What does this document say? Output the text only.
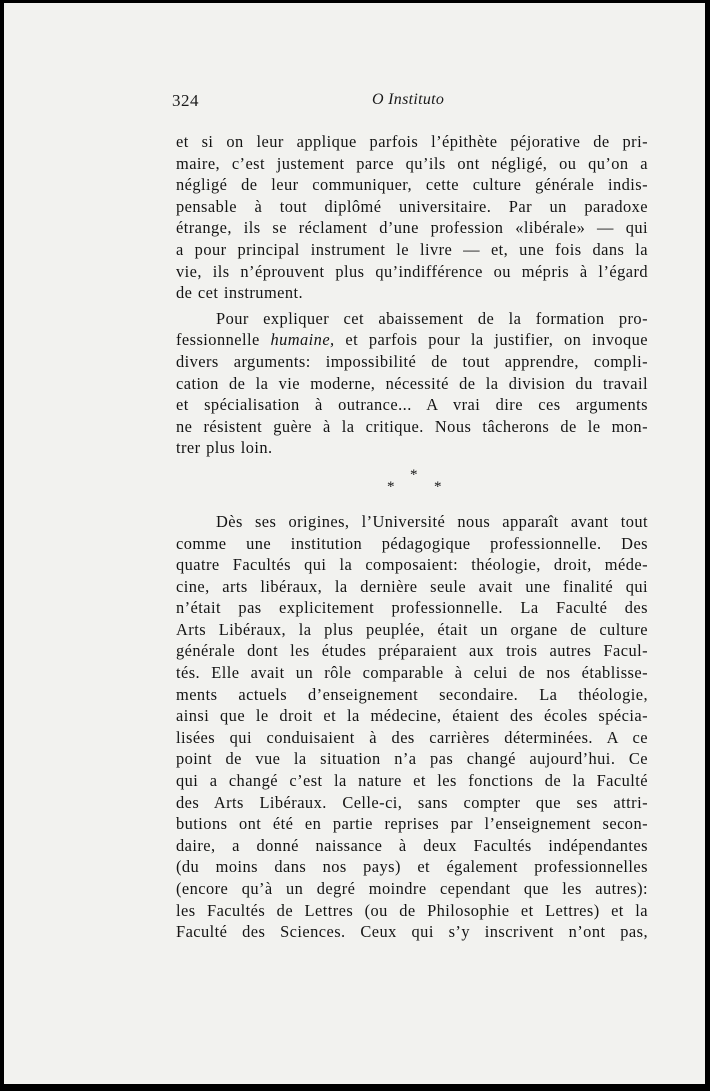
324	O Instituto
et si on leur applique parfois l’épithète péjorative de pri-
maire, c’est justement parce qu’ils ont négligé, ou qu’on a
négligé de leur communiquer, cette culture générale indis-
pensable à tout diplômé universitaire. Par un paradoxe
étrange, ils se réclament d’une profession «libérale» — qui
a pour principal instrument le livre — et, une fois dans la
vie, ils n’éprouvent plus qu’indifférence ou mépris à l’égard
de cet instrument.
Pour expliquer cet abaissement de la formation pro-
fessionnelle humaine, et parfois pour la justifier, on invoque
divers arguments: impossibilité de tout apprendre, compli-
cation de la vie moderne, nécessité de la division du travail
et spécialisation à outrance... A vrai dire ces arguments
ne résistent guère à la critique. Nous tâcherons de le mon-
trer plus loin.
*
*
*
Dès ses origines, l’Université nous apparaît avant tout
comme une institution pédagogique professionnelle. Des
quatre Facultés qui la composaient: théologie, droit, méde-
cine, arts libéraux, la dernière seule avait une finalité qui
n’était pas explicitement professionnelle. La Faculté des
Arts Libéraux, la plus peuplée, était un organe de culture
générale dont les études préparaient aux trois autres Facul-
tés. Elle avait un rôle comparable à celui de nos établisse-
ments actuels d’enseignement secondaire. La théologie,
ainsi que le droit et la médecine, étaient des écoles spécia-
lisées qui conduisaient à des carrières déterminées. A ce
point de vue la situation n’a pas changé aujourd’hui. Ce
qui a changé c’est la nature et les fonctions de la Faculté
des Arts Libéraux. Celle-ci, sans compter que ses attri-
butions ont été en partie reprises par l’enseignement secon-
daire, a donné naissance à deux Facultés indépendantes
(du moins dans nos pays) et également professionnelles
(encore qu’à un degré moindre cependant que les autres):
les Facultés de Lettres (ou de Philosophie et Lettres) et la
Faculté des Sciences. Ceux qui s’y inscrivent n’ont pas,
